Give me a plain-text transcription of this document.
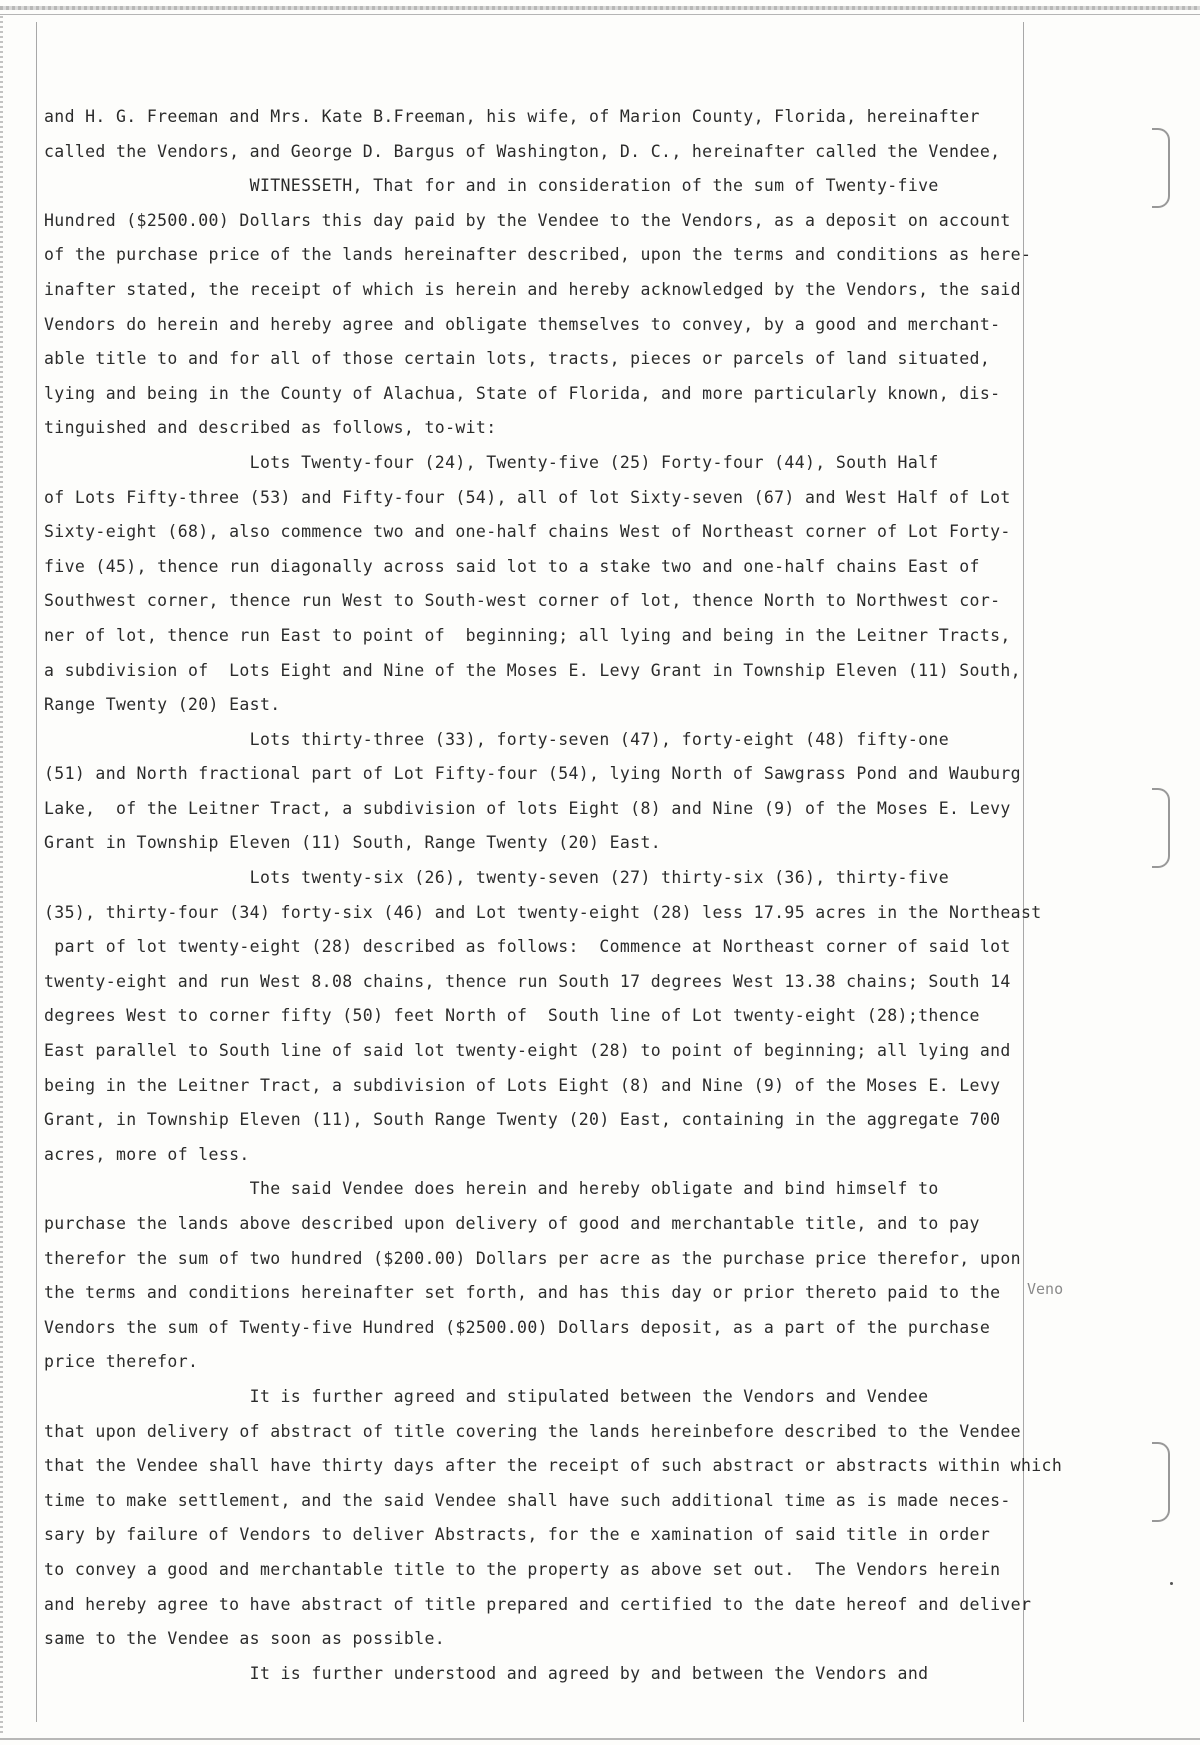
Veno
and H. G. Freeman and Mrs. Kate B.Freeman, his wife, of Marion County, Florida, hereinafter
called the Vendors, and George D. Bargus of Washington, D. C., hereinafter called the Vendee,
WITNESSETH, That for and in consideration of the sum of Twenty-five
Hundred ($2500.00) Dollars this day paid by the Vendee to the Vendors, as a deposit on account
of the purchase price of the lands hereinafter described, upon the terms and conditions as here-
inafter stated, the receipt of which is herein and hereby acknowledged by the Vendors, the said
Vendors do herein and hereby agree and obligate themselves to convey, by a good and merchant-
able title to and for all of those certain lots, tracts, pieces or parcels of land situated,
lying and being in the County of Alachua, State of Florida, and more particularly known, dis-
tinguished and described as follows, to-wit:
Lots Twenty-four (24), Twenty-five (25) Forty-four (44), South Half
of Lots Fifty-three (53) and Fifty-four (54), all of lot Sixty-seven (67) and West Half of Lot
Sixty-eight (68), also commence two and one-half chains West of Northeast corner of Lot Forty-
five (45), thence run diagonally across said lot to a stake two and one-half chains East of
Southwest corner, thence run West to South-west corner of lot, thence North to Northwest cor-
ner of lot, thence run East to point of  beginning; all lying and being in the Leitner Tracts,
a subdivision of  Lots Eight and Nine of the Moses E. Levy Grant in Township Eleven (11) South,
Range Twenty (20) East.
Lots thirty-three (33), forty-seven (47), forty-eight (48) fifty-one
(51) and North fractional part of Lot Fifty-four (54), lying North of Sawgrass Pond and Wauburg
Lake,  of the Leitner Tract, a subdivision of lots Eight (8) and Nine (9) of the Moses E. Levy
Grant in Township Eleven (11) South, Range Twenty (20) East.
Lots twenty-six (26), twenty-seven (27) thirty-six (36), thirty-five
(35), thirty-four (34) forty-six (46) and Lot twenty-eight (28) less 17.95 acres in the Northeast
part of lot twenty-eight (28) described as follows:  Commence at Northeast corner of said lot
twenty-eight and run West 8.08 chains, thence run South 17 degrees West 13.38 chains; South 14
degrees West to corner fifty (50) feet North of  South line of Lot twenty-eight (28);thence
East parallel to South line of said lot twenty-eight (28) to point of beginning; all lying and
being in the Leitner Tract, a subdivision of Lots Eight (8) and Nine (9) of the Moses E. Levy
Grant, in Township Eleven (11), South Range Twenty (20) East, containing in the aggregate 700
acres, more of less.
The said Vendee does herein and hereby obligate and bind himself to
purchase the lands above described upon delivery of good and merchantable title, and to pay
therefor the sum of two hundred ($200.00) Dollars per acre as the purchase price therefor, upon
the terms and conditions hereinafter set forth, and has this day or prior thereto paid to the
Vendors the sum of Twenty-five Hundred ($2500.00) Dollars deposit, as a part of the purchase
price therefor.
It is further agreed and stipulated between the Vendors and Vendee
that upon delivery of abstract of title covering the lands hereinbefore described to the Vendee
that the Vendee shall have thirty days after the receipt of such abstract or abstracts within which
time to make settlement, and the said Vendee shall have such additional time as is made neces-
sary by failure of Vendors to deliver Abstracts, for the e xamination of said title in order
to convey a good and merchantable title to the property as above set out.  The Vendors herein
and hereby agree to have abstract of title prepared and certified to the date hereof and deliver
same to the Vendee as soon as possible.
It is further understood and agreed by and between the Vendors and
